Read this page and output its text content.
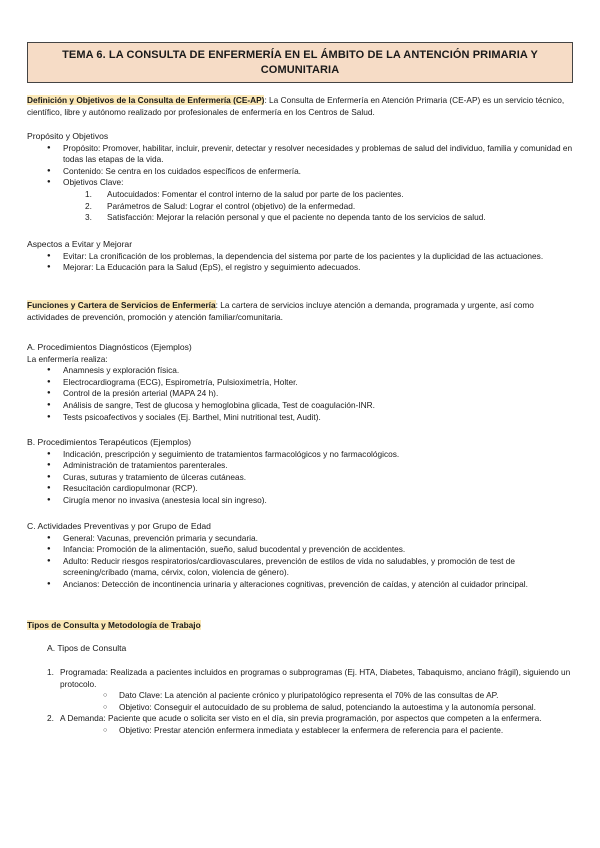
TEMA 6. LA CONSULTA DE ENFERMERÍA EN EL ÁMBITO DE LA ANTENCIÓN PRIMARIA Y COMUNITARIA
Definición y Objetivos de la Consulta de Enfermería (CE-AP): La Consulta de Enfermería en Atención Primaria (CE-AP) es un servicio técnico, científico, libre y autónomo realizado por profesionales de enfermería en los Centros de Salud.
Propósito y Objetivos
● Propósito: Promover, habilitar, incluir, prevenir, detectar y resolver necesidades y problemas de salud del individuo, familia y comunidad en todas las etapas de la vida.
● Contenido: Se centra en los cuidados específicos de enfermería.
● Objetivos Clave:
1. Autocuidados: Fomentar el control interno de la salud por parte de los pacientes.
2. Parámetros de Salud: Lograr el control (objetivo) de la enfermedad.
3. Satisfacción: Mejorar la relación personal y que el paciente no dependa tanto de los servicios de salud.
Aspectos a Evitar y Mejorar
● Evitar: La cronificación de los problemas, la dependencia del sistema por parte de los pacientes y la duplicidad de las actuaciones.
● Mejorar: La Educación para la Salud (EpS), el registro y seguimiento adecuados.
Funciones y Cartera de Servicios de Enfermería: La cartera de servicios incluye atención a demanda, programada y urgente, así como actividades de prevención, promoción y atención familiar/comunitaria.
A. Procedimientos Diagnósticos (Ejemplos)
La enfermería realiza:
● Anamnesis y exploración física.
● Electrocardiograma (ECG), Espirometría, Pulsioximetría, Holter.
● Control de la presión arterial (MAPA 24 h).
● Análisis de sangre, Test de glucosa y hemoglobina glicada, Test de coagulación-INR.
● Tests psicoafectivos y sociales (Ej. Barthel, Mini nutritional test, Audit).
B. Procedimientos Terapéuticos (Ejemplos)
● Indicación, prescripción y seguimiento de tratamientos farmacológicos y no farmacológicos.
● Administración de tratamientos parenterales.
● Curas, suturas y tratamiento de úlceras cutáneas.
● Resucitación cardiopulmonar (RCP).
● Cirugía menor no invasiva (anestesia local sin ingreso).
C. Actividades Preventivas y por Grupo de Edad
● General: Vacunas, prevención primaria y secundaria.
● Infancia: Promoción de la alimentación, sueño, salud bucodental y prevención de accidentes.
● Adulto: Reducir riesgos respiratorios/cardiovasculares, prevención de estilos de vida no saludables, y promoción de test de screening/cribado (mama, cérvix, colon, violencia de género).
● Ancianos: Detección de incontinencia urinaria y alteraciones cognitivas, prevención de caídas, y atención al cuidador principal.
Tipos de Consulta y Metodología de Trabajo
A. Tipos de Consulta
1. Programada: Realizada a pacientes incluidos en programas o subprogramas (Ej. HTA, Diabetes, Tabaquismo, anciano frágil), siguiendo un protocolo.
○ Dato Clave: La atención al paciente crónico y pluripatológico representa el 70% de las consultas de AP.
○ Objetivo: Conseguir el autocuidado de su problema de salud, potenciando la autoestima y la autonomía personal.
2. A Demanda: Paciente que acude o solicita ser visto en el día, sin previa programación, por aspectos que competen a la enfermera.
○ Objetivo: Prestar atención enfermera inmediata y establecer la enfermera de referencia para el paciente.
